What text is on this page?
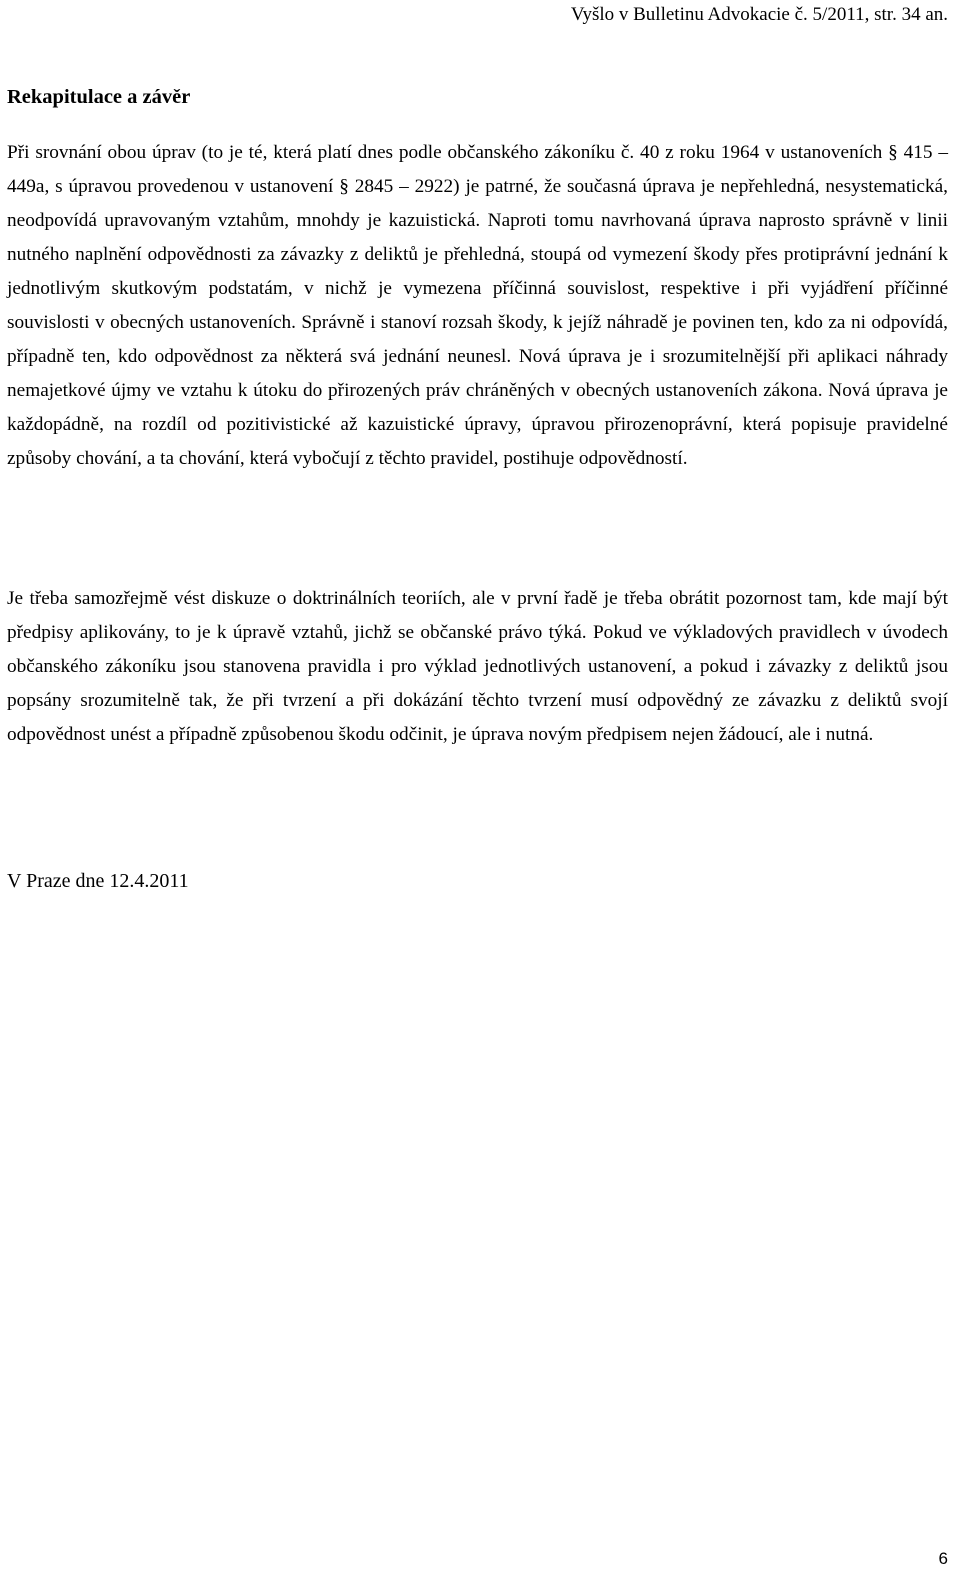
Vyšlo v Bulletinu Advokacie č. 5/2011, str. 34 an.
Rekapitulace a závěr

Při srovnání obou úprav (to je té, která platí dnes podle občanského zákoníku č. 40 z roku 1964 v ustanoveních § 415 – 449a, s úpravou provedenou v ustanovení § 2845 – 2922) je patrné, že současná úprava je nepřehledná, nesystematická, neodpovídá upravovaným vztahům, mnohdy je kazuistická. Naproti tomu navrhovaná úprava naprosto správně v linii nutného naplnění odpovědnosti za závazky z deliktů je přehledná, stoupá od vymezení škody přes protiprávní jednání k jednotlivým skutkovým podstatám, v nichž je vymezena příčinná souvislost, respektive i při vyjádření příčinné souvislosti v obecných ustanoveních. Správně i stanoví rozsah škody, k jejíž náhradě je povinen ten, kdo za ni odpovídá, případně ten, kdo odpovědnost za některá svá jednání neunesl. Nová úprava je i srozumitelnější při aplikaci náhrady nemajetkové újmy ve vztahu k útoku do přirozených práv chráněných v obecných ustanoveních zákona. Nová úprava je každopádně, na rozdíl od pozitivistické až kazuistické úpravy, úpravou přirozenoprávní, která popisuje pravidelné způsoby chování, a ta chování, která vybočují z těchto pravidel, postihuje odpovědností.

Je třeba samozřejmě vést diskuze o doktrinálních teoriích, ale v první řadě je třeba obrátit pozornost tam, kde mají být předpisy aplikovány, to je k úpravě vztahů, jichž se občanské právo týká. Pokud ve výkladových pravidlech v úvodech občanského zákoníku jsou stanovena pravidla i pro výklad jednotlivých ustanovení, a pokud i závazky z deliktů jsou popsány srozumitelně tak, že při tvrzení a při dokázání těchto tvrzení musí odpovědný ze závazku z deliktů svojí odpovědnost unést a případně způsobenou škodu odčinit, je úprava novým předpisem nejen žádoucí, ale i nutná.

V Praze dne 12.4.2011
6
